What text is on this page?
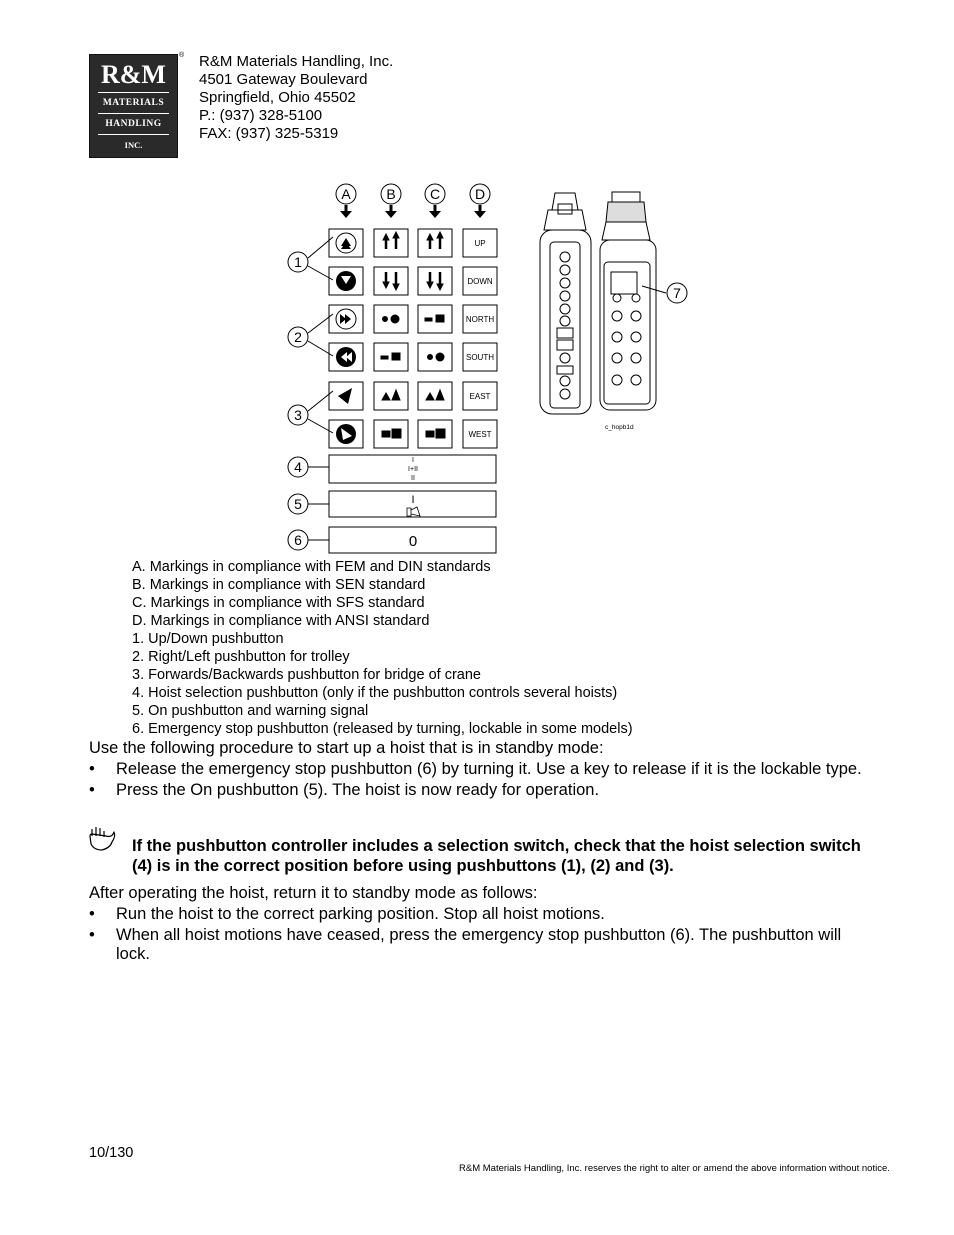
R&M
MATERIALS
HANDLING
INC.
® R&M Materials Handling, Inc.
4501 Gateway Boulevard
Springfield, Ohio 45502
P.: (937) 328-5100
FAX: (937) 325-5319
A	B C D
UP
DOWN
NORTH
SOUTH
EAST
WEST
I
I+II
II
I
0
1
2
3
4
5
6
7
c_hopb1d
A. Markings in compliance with FEM and DIN standards
B. Markings in compliance with SEN standard
C. Markings in compliance with SFS standard
D. Markings in compliance with ANSI standard
1. Up/Down pushbutton
2. Right/Left pushbutton for trolley
3. Forwards/Backwards pushbutton for bridge of crane
4. Hoist selection pushbutton (only if the pushbutton controls several hoists)
5. On pushbutton and warning signal
6. Emergency stop pushbutton (released by turning, lockable in some models)
Use the following procedure to start up a hoist that is in standby mode:
• Release the emergency stop pushbutton (6) by turning it. Use a key to release if it is the lockable type.
• Press the On pushbutton (5). The hoist is now ready for operation.
If the pushbutton controller includes a selection switch, check that the hoist selection switch (4) is in the correct position before using pushbuttons (1), (2) and (3).
After operating the hoist, return it to standby mode as follows:
• Run the hoist to the correct parking position. Stop all hoist motions.
• When all hoist motions have ceased, press the emergency stop pushbutton (6). The pushbutton will lock.
10/130
R&M Materials Handling, Inc. reserves the right to alter or amend the above information without notice.
